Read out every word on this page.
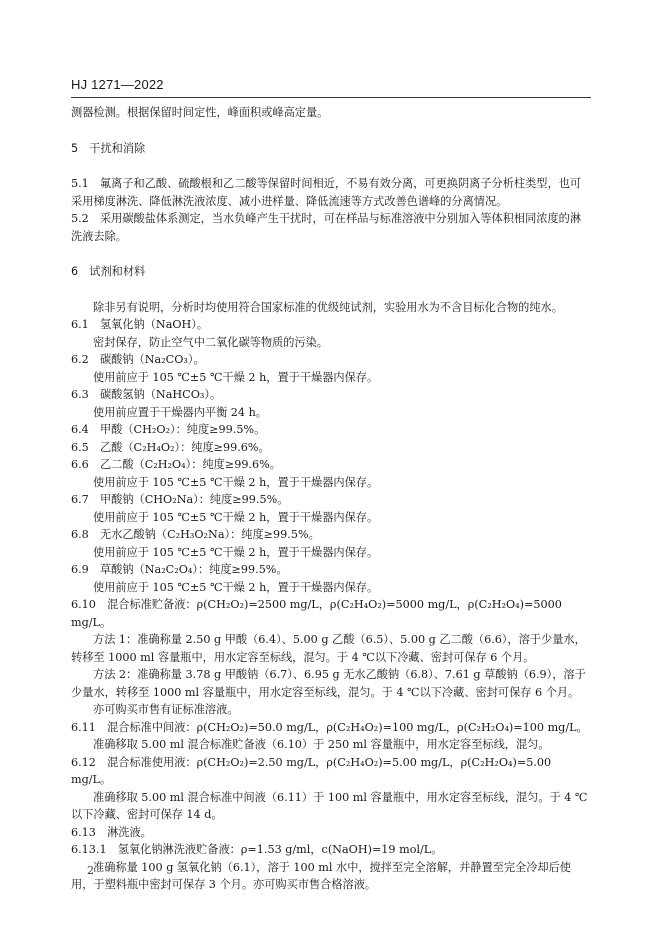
HJ 1271—2022

测器检测。根据保留时间定性，峰面积或峰高定量。

5　干扰和消除

5.1　氟离子和乙酸、硫酸根和乙二酸等保留时间相近，不易有效分离，可更换阴离子分析柱类型，也可采用梯度淋洗、降低淋洗液浓度、减小进样量、降低流速等方式改善色谱峰的分离情况。

5.2　采用碳酸盐体系测定，当水负峰产生干扰时，可在样品与标准溶液中分别加入等体积相同浓度的淋洗液去除。

6　试剂和材料

除非另有说明，分析时均使用符合国家标准的优级纯试剂，实验用水为不含目标化合物的纯水。

6.1　氢氧化钠（NaOH）。

密封保存，防止空气中二氧化碳等物质的污染。

6.2　碳酸钠（Na₂CO₃）。

使用前应于 105 ℃±5 ℃干燥 2 h，置于干燥器内保存。

6.3　碳酸氢钠（NaHCO₃）。

使用前应置于干燥器内平衡 24 h。

6.4　甲酸（CH₂O₂）：纯度≥99.5%。

6.5　乙酸（C₂H₄O₂）：纯度≥99.6%。

6.6　乙二酸（C₂H₂O₄）：纯度≥99.6%。

使用前应于 105 ℃±5 ℃干燥 2 h，置于干燥器内保存。

6.7　甲酸钠（CHO₂Na）：纯度≥99.5%。

使用前应于 105 ℃±5 ℃干燥 2 h，置于干燥器内保存。

6.8　无水乙酸钠（C₂H₃O₂Na）：纯度≥99.5%。

使用前应于 105 ℃±5 ℃干燥 2 h，置于干燥器内保存。

6.9　草酸钠（Na₂C₂O₄）：纯度≥99.5%。

使用前应于 105 ℃±5 ℃干燥 2 h，置于干燥器内保存。

6.10　混合标准贮备液：ρ(CH₂O₂)=2500 mg/L，ρ(C₂H₄O₂)=5000 mg/L，ρ(C₂H₂O₄)=5000 mg/L。

方法 1：准确称量 2.50 g 甲酸（6.4）、5.00 g 乙酸（6.5）、5.00 g 乙二酸（6.6），溶于少量水，转移至 1000 ml 容量瓶中，用水定容至标线，混匀。于 4 ℃以下冷藏、密封可保存 6 个月。

方法 2：准确称量 3.78 g 甲酸钠（6.7）、6.95 g 无水乙酸钠（6.8）、7.61 g 草酸钠（6.9），溶于少量水，转移至 1000 ml 容量瓶中，用水定容至标线，混匀。于 4 ℃以下冷藏、密封可保存 6 个月。

亦可购买市售有证标准溶液。

6.11　混合标准中间液：ρ(CH₂O₂)=50.0 mg/L，ρ(C₂H₄O₂)=100 mg/L，ρ(C₂H₂O₄)=100 mg/L。

准确移取 5.00 ml 混合标准贮备液（6.10）于 250 ml 容量瓶中，用水定容至标线，混匀。

6.12　混合标准使用液：ρ(CH₂O₂)=2.50 mg/L，ρ(C₂H₄O₂)=5.00 mg/L，ρ(C₂H₂O₄)=5.00 mg/L。

准确移取 5.00 ml 混合标准中间液（6.11）于 100 ml 容量瓶中，用水定容至标线，混匀。于 4 ℃以下冷藏、密封可保存 14 d。

6.13　淋洗液。

6.13.1　氢氧化钠淋洗液贮备液：ρ=1.53 g/ml，c(NaOH)=19 mol/L。

准确称量 100 g 氢氧化钠（6.1），溶于 100 ml 水中，搅拌至完全溶解，并静置至完全冷却后使用，于塑料瓶中密封可保存 3 个月。亦可购买市售合格溶液。

2
